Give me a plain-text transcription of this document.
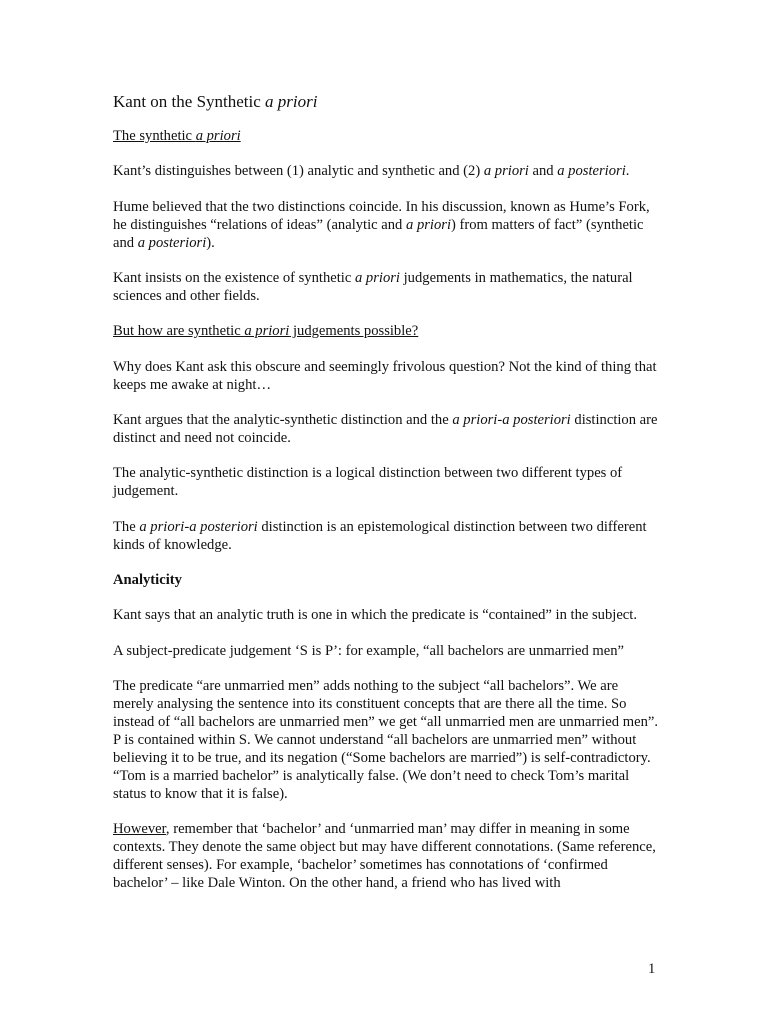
Kant on the Synthetic a priori

The synthetic a priori

Kant’s distinguishes between (1) analytic and synthetic and (2) a priori and a posteriori.

Hume believed that the two distinctions coincide. In his discussion, known as Hume’s Fork, he distinguishes “relations of ideas” (analytic and a priori) from matters of fact” (synthetic and a posteriori).

Kant insists on the existence of synthetic a priori judgements in mathematics, the natural sciences and other fields.

But how are synthetic a priori judgements possible?

Why does Kant ask this obscure and seemingly frivolous question? Not the kind of thing that keeps me awake at night…

Kant argues that the analytic-synthetic distinction and the a priori-a posteriori distinction are distinct and need not coincide.

The analytic-synthetic distinction is a logical distinction between two different types of judgement.

The a priori-a posteriori distinction is an epistemological distinction between two different kinds of knowledge.

Analyticity

Kant says that an analytic truth is one in which the predicate is “contained” in the subject.

A subject-predicate judgement ‘S is P’: for example, “all bachelors are unmarried men”

The predicate “are unmarried men” adds nothing to the subject “all bachelors”. We are merely analysing the sentence into its constituent concepts that are there all the time. So instead of “all bachelors are unmarried men” we get “all unmarried men are unmarried men”. P is contained within S. We cannot understand “all bachelors are unmarried men” without believing it to be true, and its negation (“Some bachelors are married”) is self-contradictory. “Tom is a married bachelor” is analytically false. (We don’t need to check Tom’s marital status to know that it is false).

However, remember that ‘bachelor’ and ‘unmarried man’ may differ in meaning in some contexts. They denote the same object but may have different connotations. (Same reference, different senses). For example, ‘bachelor’ sometimes has connotations of ‘confirmed bachelor’ – like Dale Winton. On the other hand, a friend who has lived with

1
